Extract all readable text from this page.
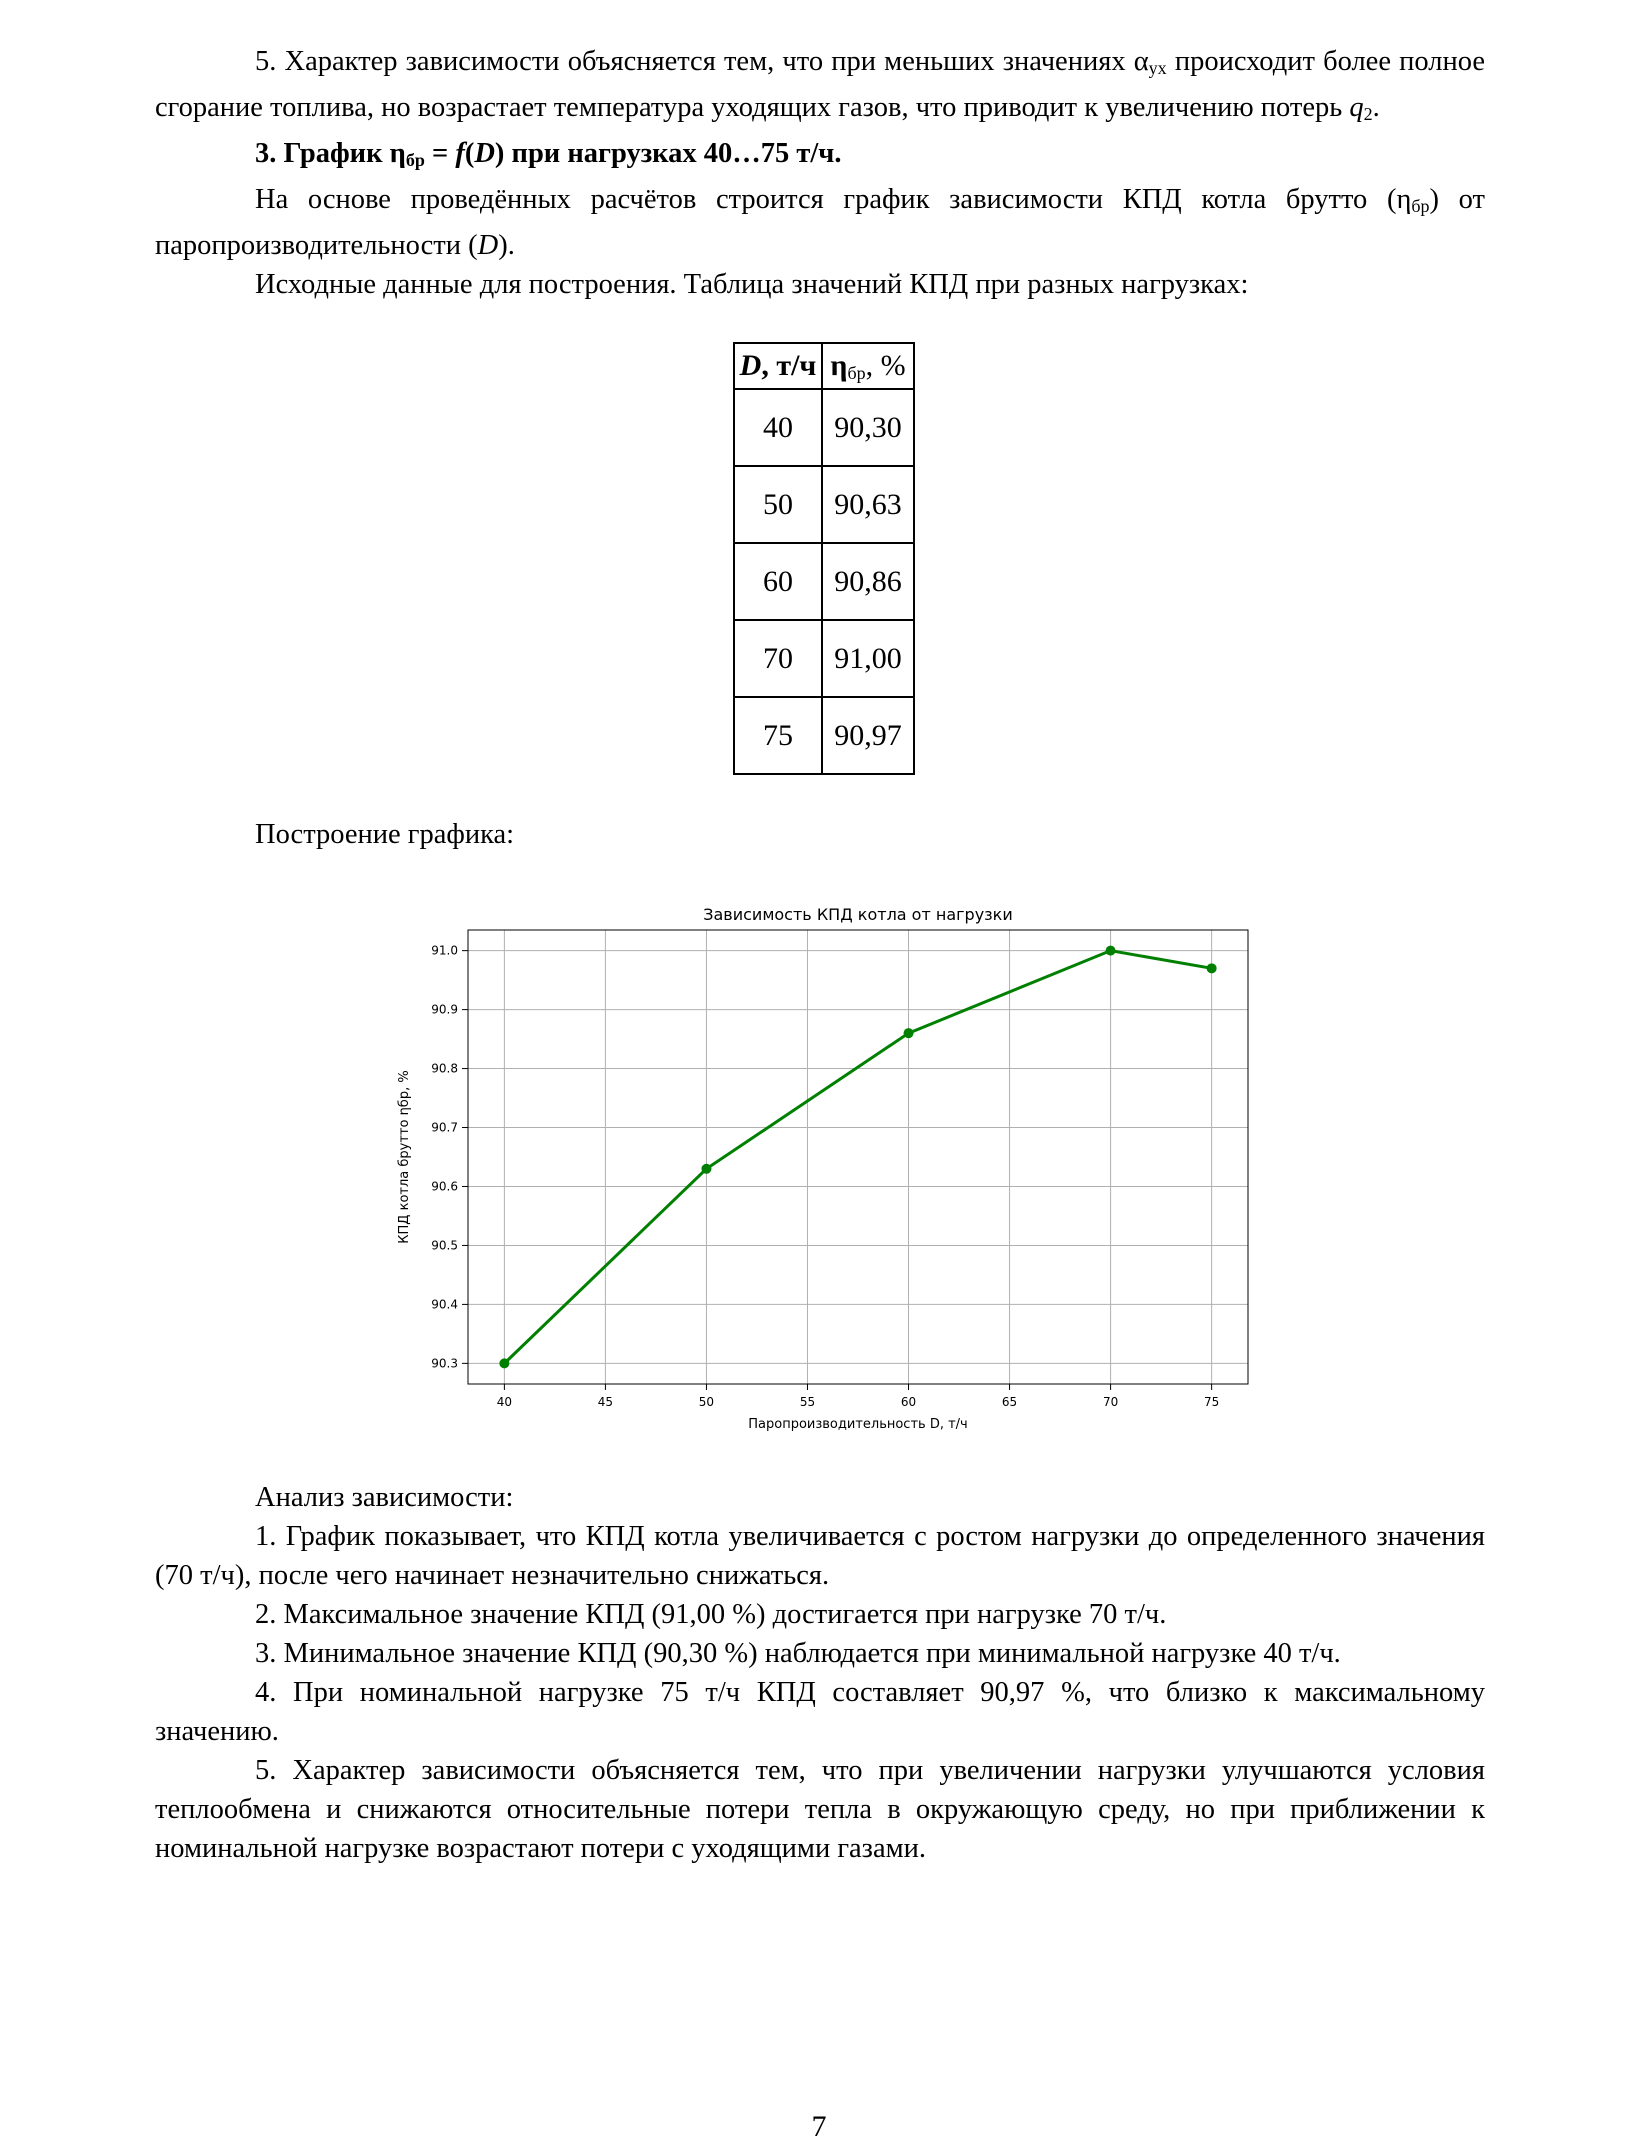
5. Характер зависимости объясняется тем, что при меньших значениях $\alpha_{ух}$ происходит более полное сгорание топлива, но возрастает температура уходящих газов, что приводит к увеличению потерь $q_2$.

3. График $\eta_{бр} = f(D)$ при нагрузках 40…75 т/ч.

На основе проведённых расчётов строится график зависимости КПД котла брутто $(\eta_{бр})$ от паропроизводительности (D).

Исходные данные для построения. Таблица значений КПД при разных нагрузках:

D, т/ч	$\eta_{бр}$, %
40	90,30
50	90,63
60	90,86
70	91,00
75	90,97

Построение графика:

40	45	50	55	60	65	70	75
90.3
90.4
90.5
90.6
90.7
90.8
90.9
91.0
Зависимость КПД котла от нагрузки
Паропроизводительность D, т/ч
КПД котла брутто ηбр, %

Анализ зависимости:

1. График показывает, что КПД котла увеличивается с ростом нагрузки до определенного значения (70 т/ч), после чего начинает незначительно снижаться.

2. Максимальное значение КПД (91,00 %) достигается при нагрузке 70 т/ч.

3. Минимальное значение КПД (90,30 %) наблюдается при минимальной нагрузке 40 т/ч.

4. При номинальной нагрузке 75 т/ч КПД составляет 90,97 %, что близко к максимальному значению.

5. Характер зависимости объясняется тем, что при увеличении нагрузки улучшаются условия теплообмена и снижаются относительные потери тепла в окружающую среду, но при приближении к номинальной нагрузке возрастают потери с уходящими газами.

7
